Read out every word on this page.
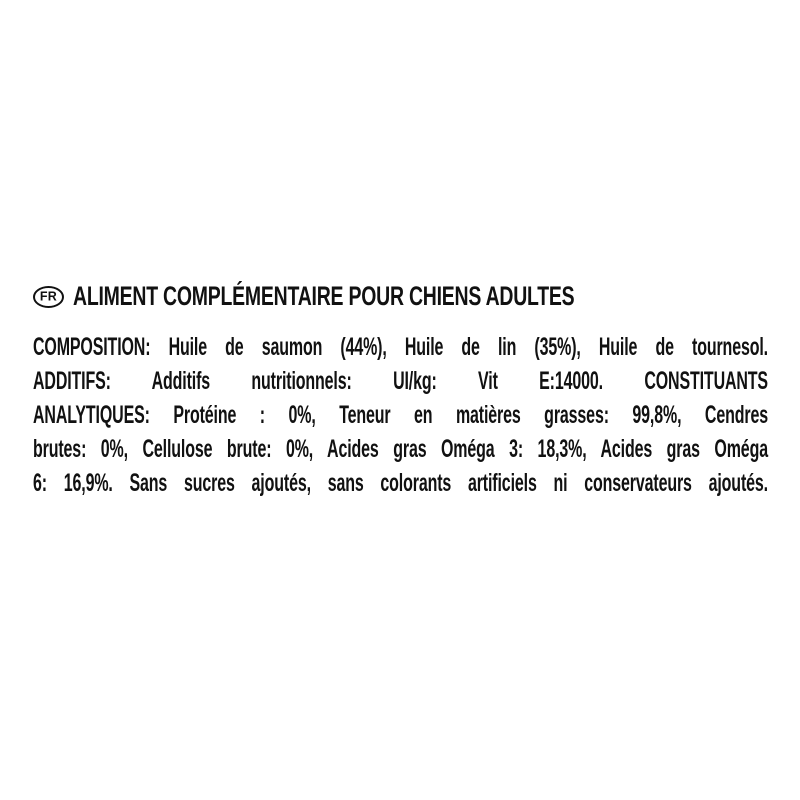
FR ALIMENT COMPLÉMENTAIRE POUR CHIENS ADULTES
COMPOSITION: Huile de saumon (44%), Huile de lin (35%), Huile de tournesol.
ADDITIFS: Additifs nutritionnels: UI/kg: Vit E:14000. CONSTITUANTS
ANALYTIQUES: Protéine : 0%, Teneur en matières grasses: 99,8%, Cendres
brutes: 0%, Cellulose brute: 0%, Acides gras Oméga 3: 18,3%, Acides gras Oméga
6: 16,9%. Sans sucres ajoutés, sans colorants artificiels ni conservateurs ajoutés.
